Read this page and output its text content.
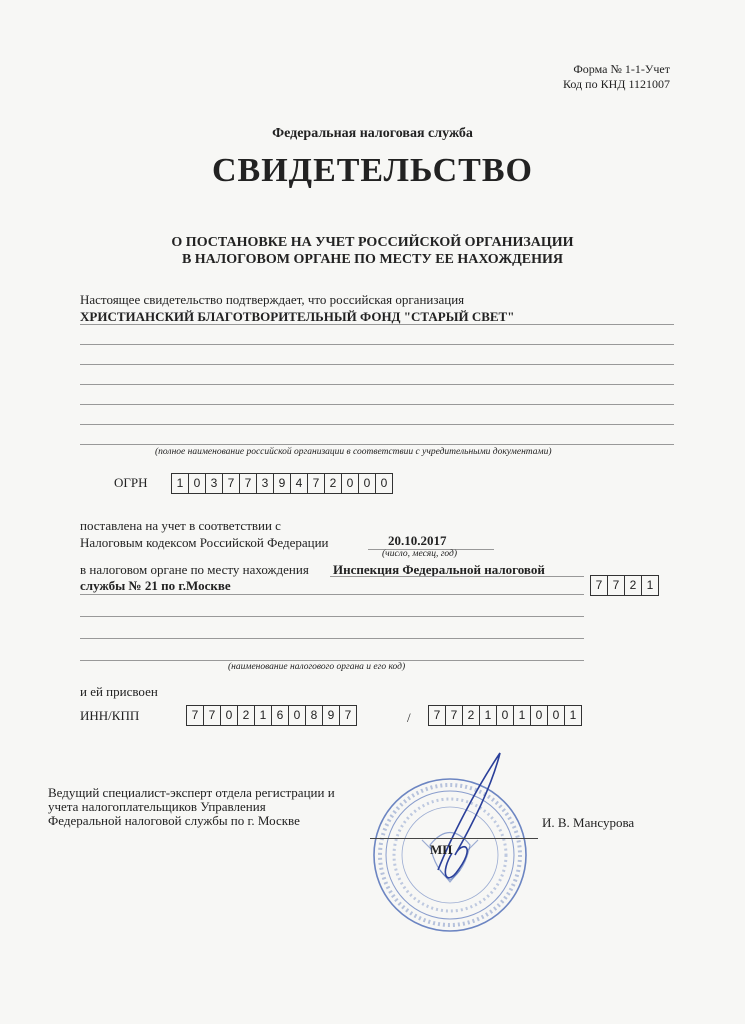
Форма № 1-1-Учет
Код по КНД 1121007
Федеральная налоговая служба
СВИДЕТЕЛЬСТВО
О ПОСТАНОВКЕ НА УЧЕТ РОССИЙСКОЙ ОРГАНИЗАЦИИ
В НАЛОГОВОМ ОРГАНЕ ПО МЕСТУ ЕЕ НАХОЖДЕНИЯ
Настоящее свидетельство подтверждает, что российская организация
ХРИСТИАНСКИЙ БЛАГОТВОРИТЕЛЬНЫЙ ФОНД "СТАРЫЙ СВЕТ"
(полное наименование российской организации в соответствии с учредительными документами)
ОГРН	1 0 3 7 7 3 9 4 7 2 0 0 0
поставлена на учет в соответствии с
Налоговым кодексом Российской Федерации	20.10.2017
(число, месяц, год)
в налоговом органе по месту нахождения Инспекция Федеральной налоговой
службы № 21 по г.Москве	7 7 2 1
(наименование налогового органа и его код)
и ей присвоен
ИНН/КПП	7 7 0 2 1 6 0 8 9 7	/	7 7 2 1 0 1 0 0 1
Ведущий специалист-эксперт отдела регистрации и
учета налогоплательщиков Управления
Федеральной налоговой службы по г. Москве
МП
И. В. Мансурова
